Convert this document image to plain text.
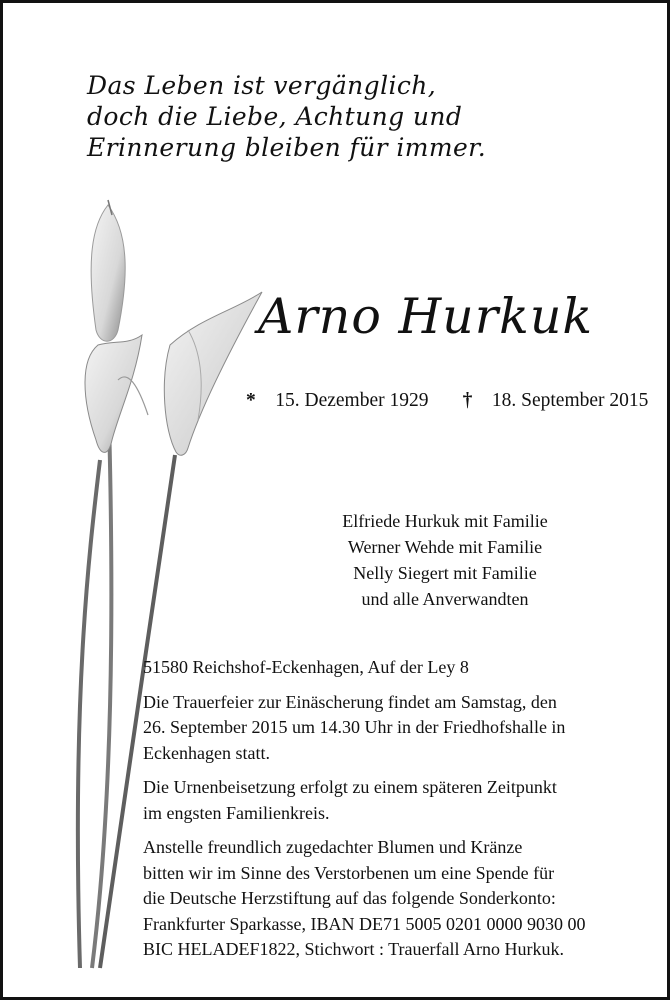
Das Leben ist vergänglich,
doch die Liebe, Achtung und
Erinnerung bleiben für immer.
Arno Hurkuk
* 15. Dezember 1929 † 18. September 2015
Elfriede Hurkuk mit Familie
Werner Wehde mit Familie
Nelly Siegert mit Familie
und alle Anverwandten

51580 Reichshof-Eckenhagen, Auf der Ley 8

Die Trauerfeier zur Einäscherung findet am Samstag, den
26. September 2015 um 14.30 Uhr in der Friedhofshalle in
Eckenhagen statt.

Die Urnenbeisetzung erfolgt zu einem späteren Zeitpunkt
im engsten Familienkreis.

Anstelle freundlich zugedachter Blumen und Kränze
bitten wir im Sinne des Verstorbenen um eine Spende für
die Deutsche Herzstiftung auf das folgende Sonderkonto:
Frankfurter Sparkasse, IBAN DE71 5005 0201 0000 9030 00
BIC HELADEF1822, Stichwort : Trauerfall Arno Hurkuk.
